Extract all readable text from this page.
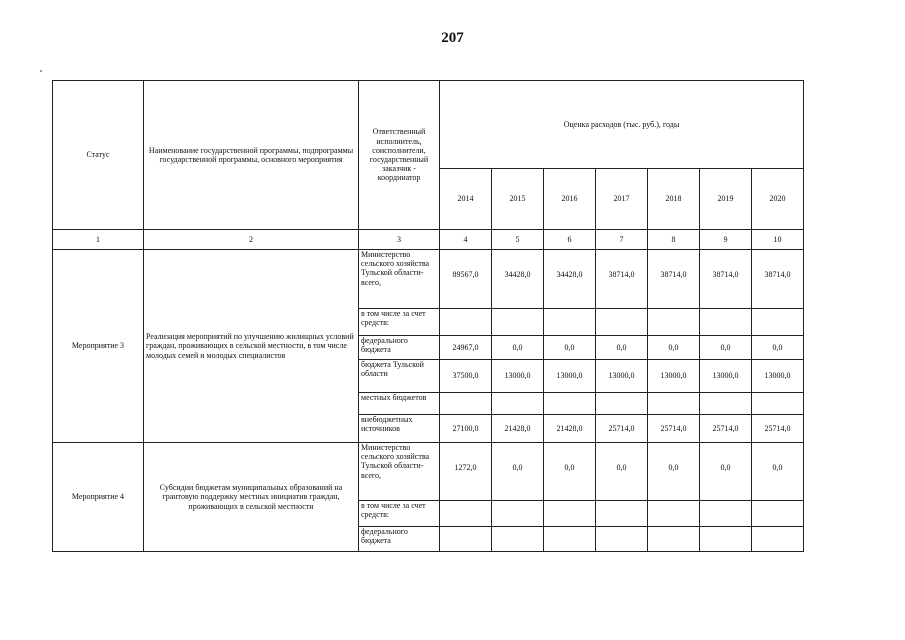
207
Статус	Наименование государственной программы, подпрограммы государственной программы, основного мероприятия	Ответственный исполнитель, соисполнители, государственный заказчик - координатор	Оценка расходов (тыс. руб.), годы						
			2014	2015	2016	2017	2018	2019	2020
1	2	3	4	5	6	7	8	9	10
Мероприятие 3	Реализация мероприятий по улучшению жилищных условий граждан, проживающих в сельской местности, в том числе молодых семей и молодых специалистов	Министерство сельского хозяйства Тульской области- всего,	89567,0	34428,0	34428,0	38714,0	38714,0	38714,0	38714,0
		в том числе за счет средств:							
		федерального бюджета	24967,0	0,0	0,0	0,0	0,0	0,0	0,0
		бюджета Тульской области	37500,0	13000,0	13000,0	13000,0	13000,0	13000,0	13000,0
		местных бюджетов							
		внебюджетных источников	27100,0	21428,0	21428,0	25714,0	25714,0	25714,0	25714,0
Мероприятие 4	Субсидии бюджетам муниципальных образований на грантовую поддержку местных инициатив граждан, проживающих в сельской местности	Министерство сельского хозяйства Тульской области- всего,	1272,0	0,0	0,0	0,0	0,0	0,0	0,0
		в том числе за счет средств:							
		федерального бюджета							
